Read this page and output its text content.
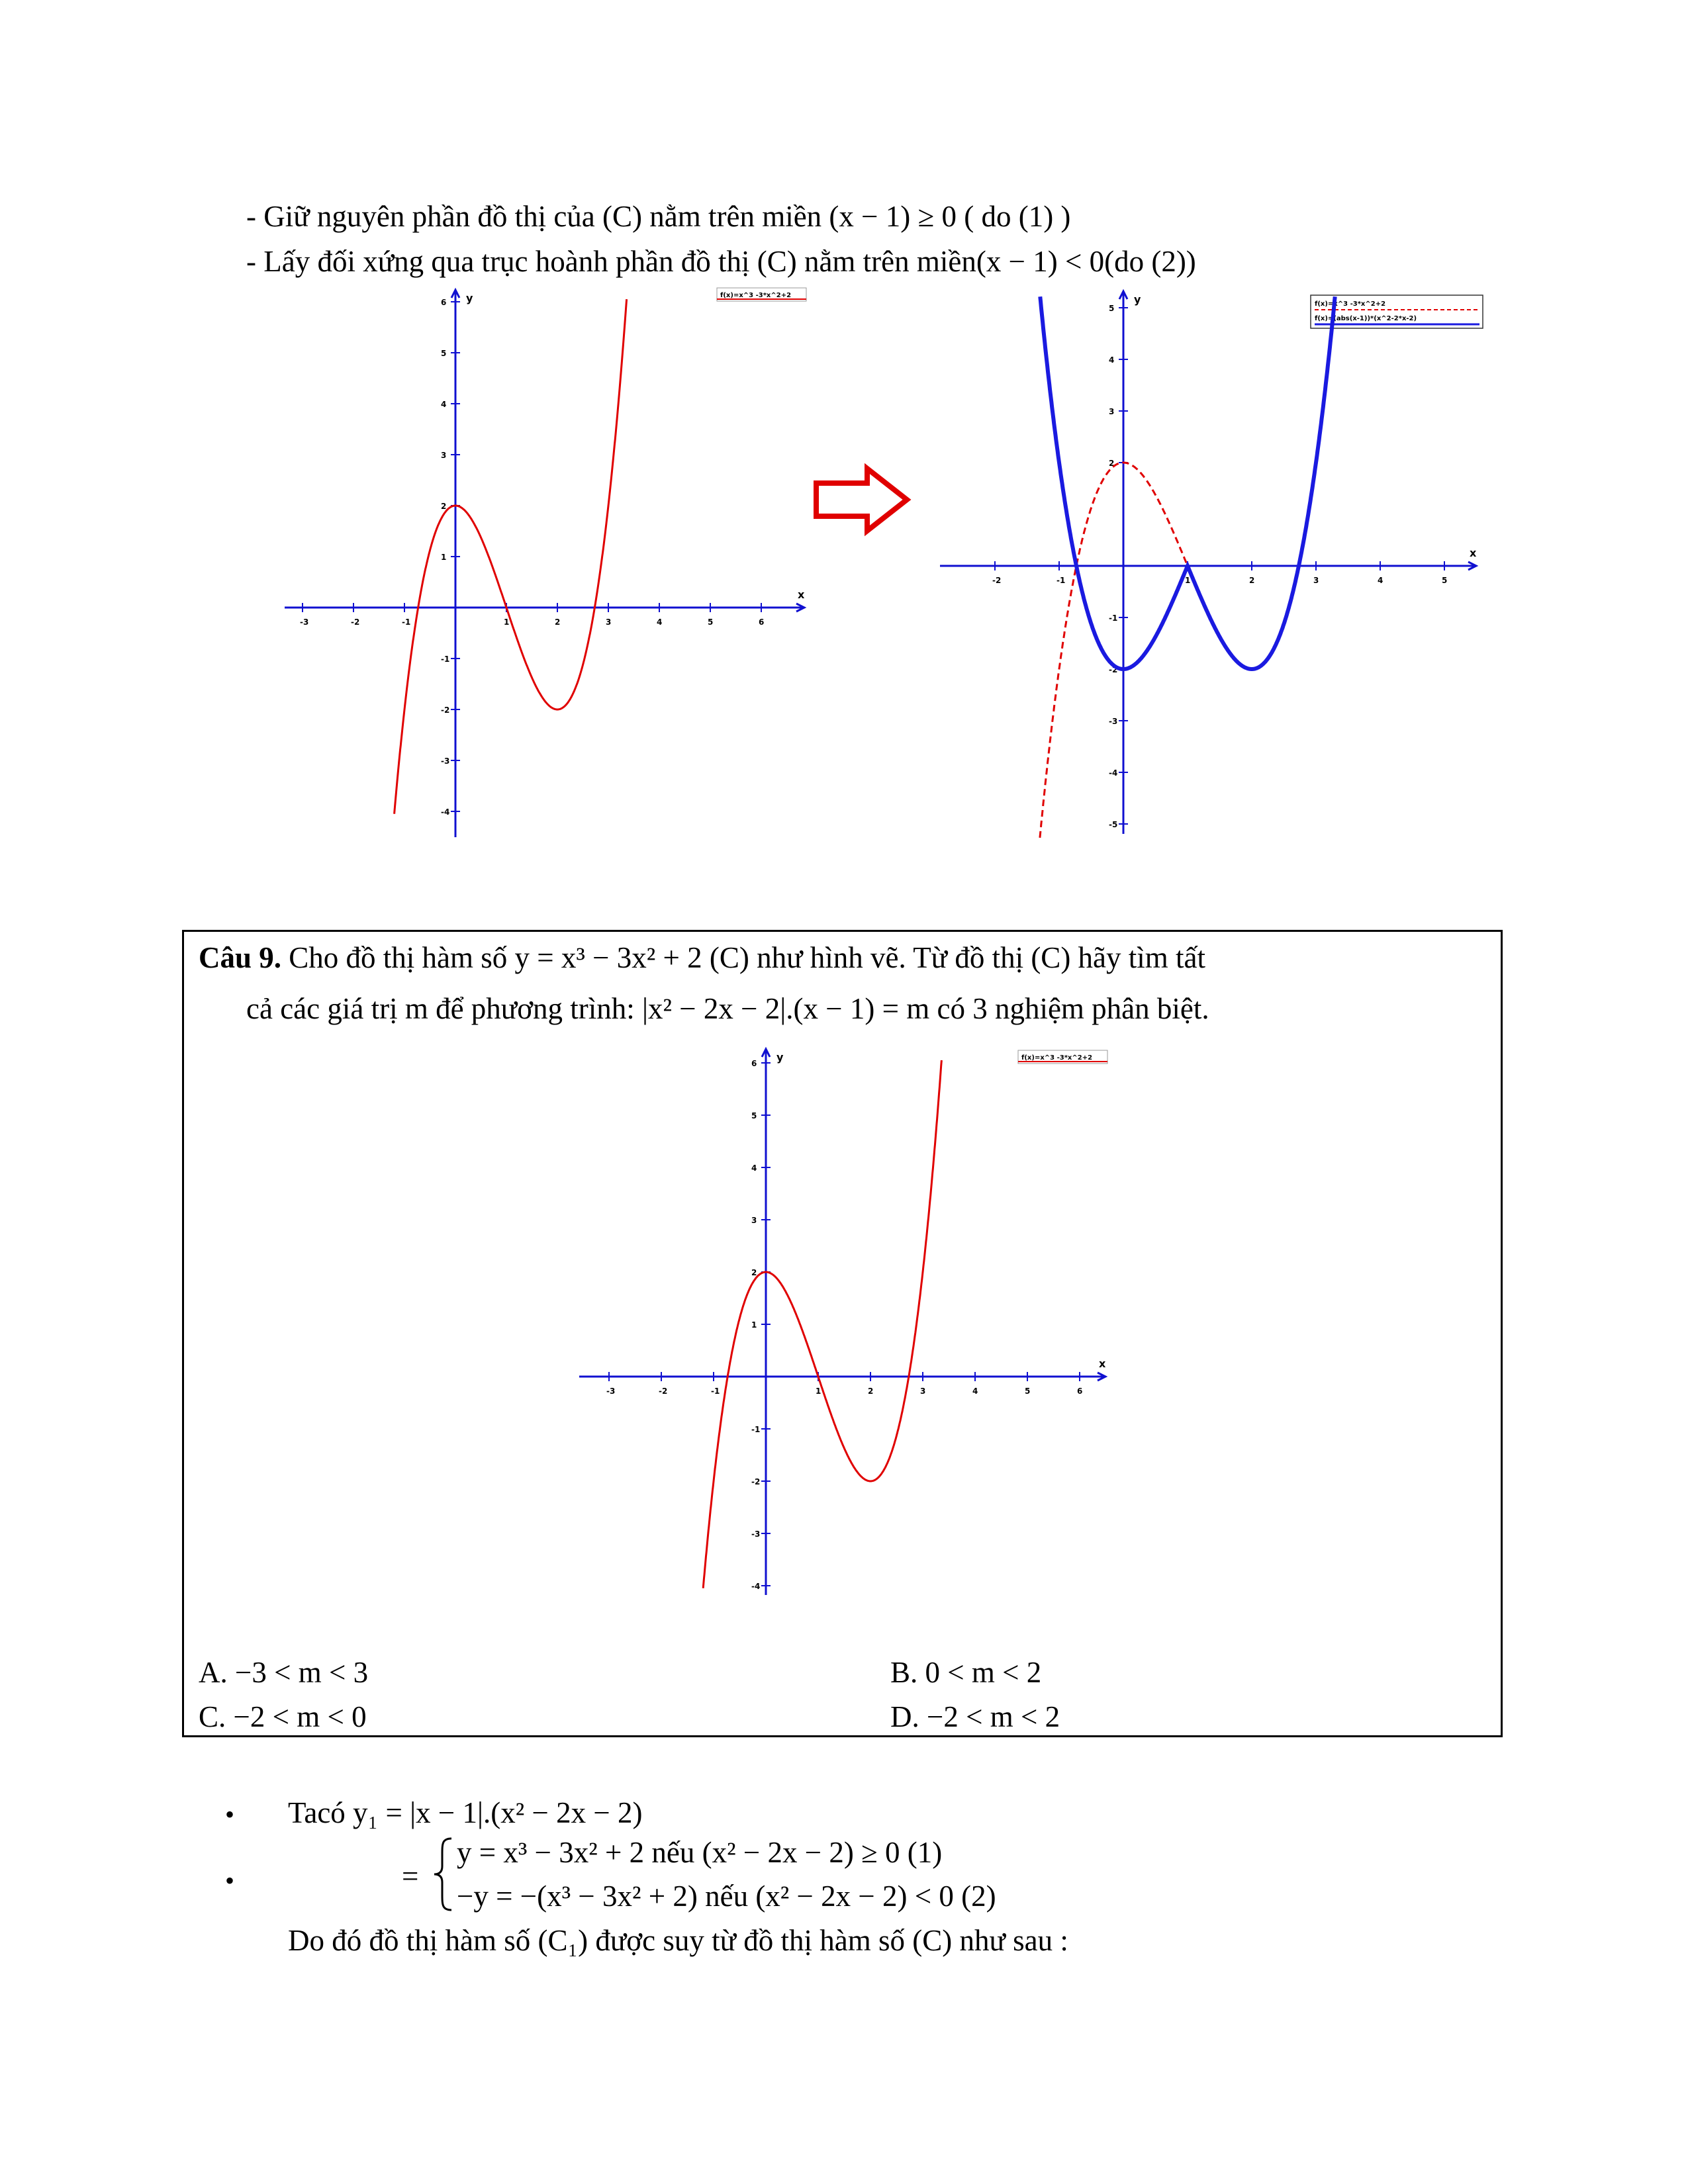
- Giữ nguyên phần đồ thị của (C) nằm trên miền (x − 1) ≥ 0 ( do (1) )
- Lấy đối xứng qua trục hoành phần đồ thị (C) nằm trên miền(x − 1) < 0(do (2))
f(x)=x^3 -3*x^2+2
-3	-2	-1	1	2	3	4	5	6
6
5
4
3
2
1
-1
-2
-3
-4
x
y	f(x)=x^3 -3*x^2+2
f(x)=(abs(x-1))*(x^2-2*x-2)
-2	-1	1	2	3	4	5
5
4
3
2
-1
-2
-3
-4
-5
x
y
Câu 9. Cho đồ thị hàm số y = x³ − 3x² + 2 (C) như hình vẽ. Từ đồ thị (C) hãy tìm tất
cả các giá trị m để phương trình: |x² − 2x − 2|.(x − 1) = m có 3 nghiệm phân biệt.
f(x)=x^3 -3*x^2+2
-3	-2	-1	1	2	3	4	5	6
6
5
4
3
2
1
-1
-2
-3
-4
x
y
A. −3 < m < 3	B. 0 < m < 2
C. −2 < m < 0	D. −2 < m < 2
• Tacó y₁ = |x − 1|.(x² − 2x − 2)
•	=
y = x³ − 3x² + 2 nếu (x² − 2x − 2) ≥ 0 (1)
−y = −(x³ − 3x² + 2) nếu (x² − 2x − 2) < 0 (2)
Do đó đồ thị hàm số (C₁) được suy từ đồ thị hàm số (C) như sau :
